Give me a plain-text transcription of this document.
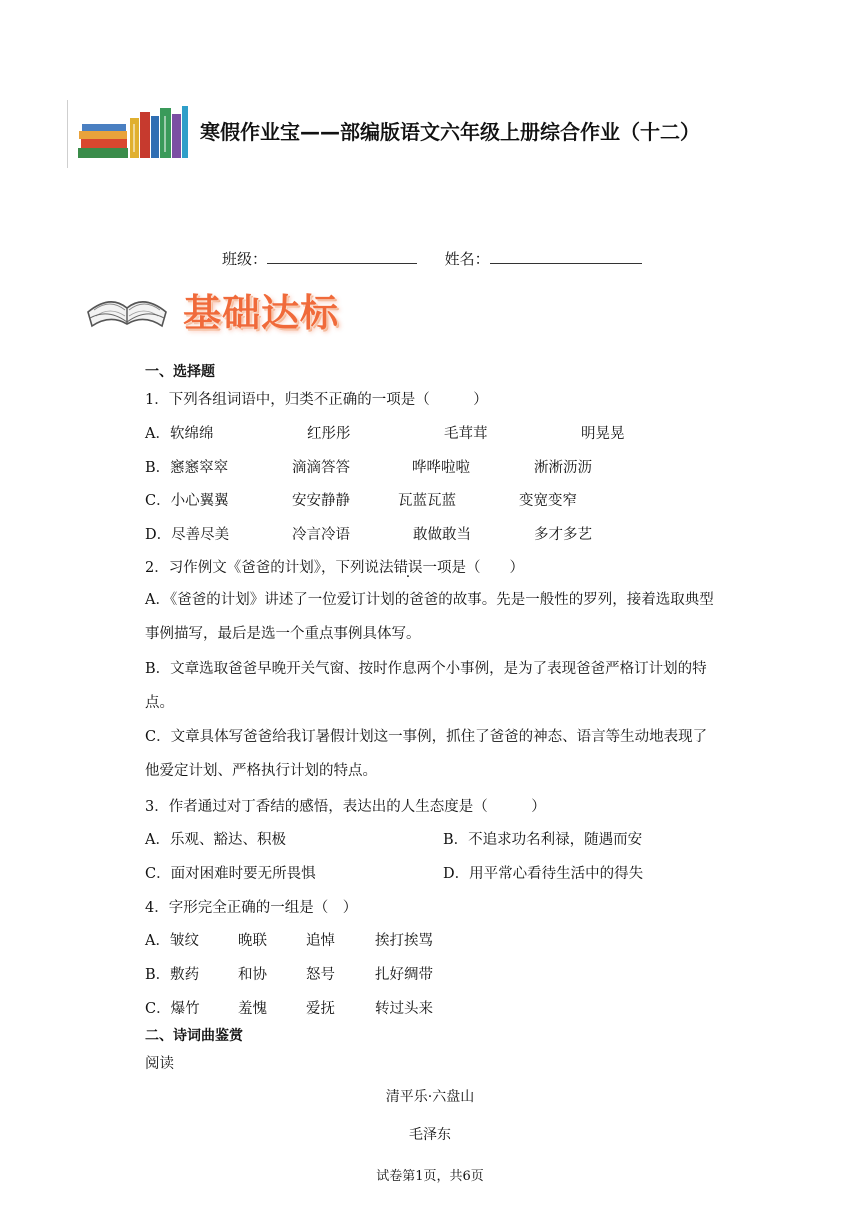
寒假作业宝——部编版语文六年级上册综合作业（十二）
班级：	姓名：
基础达标
一、选择题
1．下列各组词语中，归类不正确的一项是（　　　）
A．软绵绵	红彤彤	毛茸茸	明晃晃
B．窸窸窣窣	滴滴答答	哗哗啦啦	淅淅沥沥
C．小心翼翼	安安静静	瓦蓝瓦蓝	变宽变窄
D．尽善尽美	冷言冷语	敢做敢当	多才多艺
2．习作例文《爸爸的计划》，下列说法错误一项是（　　）
A．《爸爸的计划》讲述了一位爱订计划的爸爸的故事。先是一般性的罗列，接着选取典型事例描写，最后是选一个重点事例具体写。
B．文章选取爸爸早晚开关气窗、按时作息两个小事例，是为了表现爸爸严格订计划的特点。
C．文章具体写爸爸给我订暑假计划这一事例，抓住了爸爸的神态、语言等生动地表现了他爱定计划、严格执行计划的特点。
3．作者通过对丁香结的感悟，表达出的人生态度是（　　　）
A．乐观、豁达、积极	B．不追求功名利禄，随遇而安
C．面对困难时要无所畏惧	D．用平常心看待生活中的得失
4．字形完全正确的一组是（　）
A．皱纹	晚联	追悼	挨打挨骂
B．敷药	和协	怒号	扎好绸带
C．爆竹	羞愧	爱抚	转过头来
二、诗词曲鉴赏
阅读
清平乐·六盘山
毛泽东
试卷第1页，共6页
